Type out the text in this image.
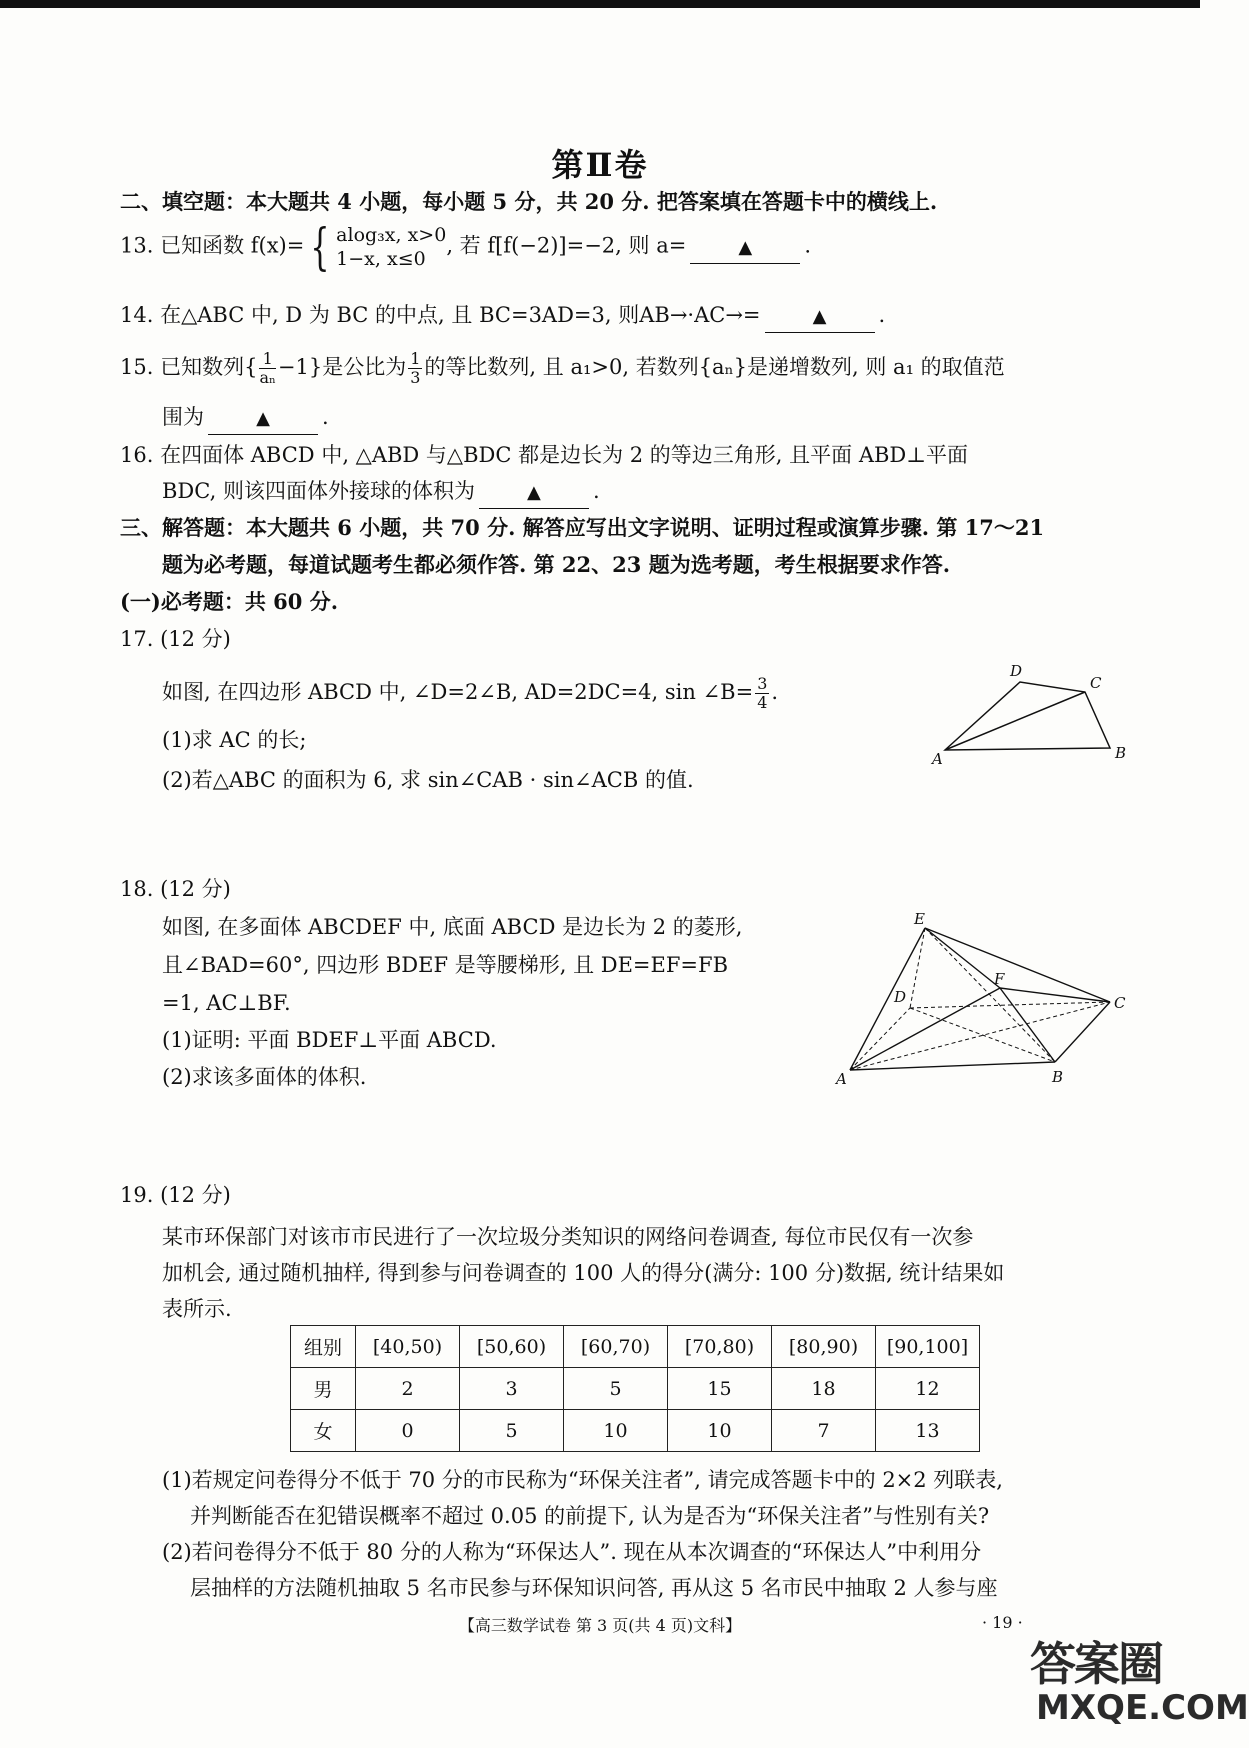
第Ⅱ卷
二、填空题：本大题共 4 小题，每小题 5 分，共 20 分. 把答案填在答题卡中的横线上.
13. 已知函数 f(x)= { alog₃x, x>0
1−x, x≤0
, 若 f[f(−2)]=−2, 则 a=	▲ .
14. 在△ABC 中, D 为 BC 的中点, 且 BC=3AD=3, 则AB→·AC→=	▲ .
15. 已知数列{ $\frac{1}{\text{aₙ}} -1$}是公比为 $\frac{1}{3}$ 的等比数列, 且 a₁>0, 若数列{aₙ}是递增数列, 则 a₁ 的取值范
围为	▲ .
16. 在四面体 ABCD 中, △ABD 与△BDC 都是边长为 2 的等边三角形, 且平面 ABD⊥平面
BDC, 则该四面体外接球的体积为	▲ .
三、解答题：本大题共 6 小题，共 70 分. 解答应写出文字说明、证明过程或演算步骤. 第 17～21
题为必考题，每道试题考生都必须作答. 第 22、23 题为选考题，考生根据要求作答.
(一)必考题：共 60 分.
17. (12 分)
如图, 在四边形 ABCD 中, ∠D=2∠B, AD=2DC=4, sin ∠B= $\frac{3}{4}$ .
(1)求 AC 的长;
(2)若△ABC 的面积为 6, 求 sin∠CAB · sin∠ACB 的值.
A	B
C
D
18. (12 分)
如图, 在多面体 ABCDEF 中, 底面 ABCD 是边长为 2 的菱形,
且∠BAD=60°, 四边形 BDEF 是等腰梯形, 且 DE=EF=FB
=1, AC⊥BF.
(1)证明: 平面 BDEF⊥平面 ABCD.
(2)求该多面体的体积.	A	B
C
D
E
F
19. (12 分)
某市环保部门对该市市民进行了一次垃圾分类知识的网络问卷调查, 每位市民仅有一次参
加机会, 通过随机抽样, 得到参与问卷调查的 100 人的得分(满分: 100 分)数据, 统计结果如
表所示.
组别	[40,50)	[50,60)	[60,70)	[70,80)	[80,90)	[90,100]
男	2	3	5	15	18	12
女	0	5	10	10	7	13
(1)若规定问卷得分不低于 70 分的市民称为“环保关注者”, 请完成答题卡中的 2×2 列联表,
并判断能否在犯错误概率不超过 0.05 的前提下, 认为是否为“环保关注者”与性别有关?
(2)若问卷得分不低于 80 分的人称为“环保达人”. 现在从本次调查的“环保达人”中利用分
层抽样的方法随机抽取 5 名市民参与环保知识问答, 再从这 5 名市民中抽取 2 人参与座
【高三数学试卷 第 3 页(共 4 页)文科】	· 19 ·
答案圈
MXQE.COM
